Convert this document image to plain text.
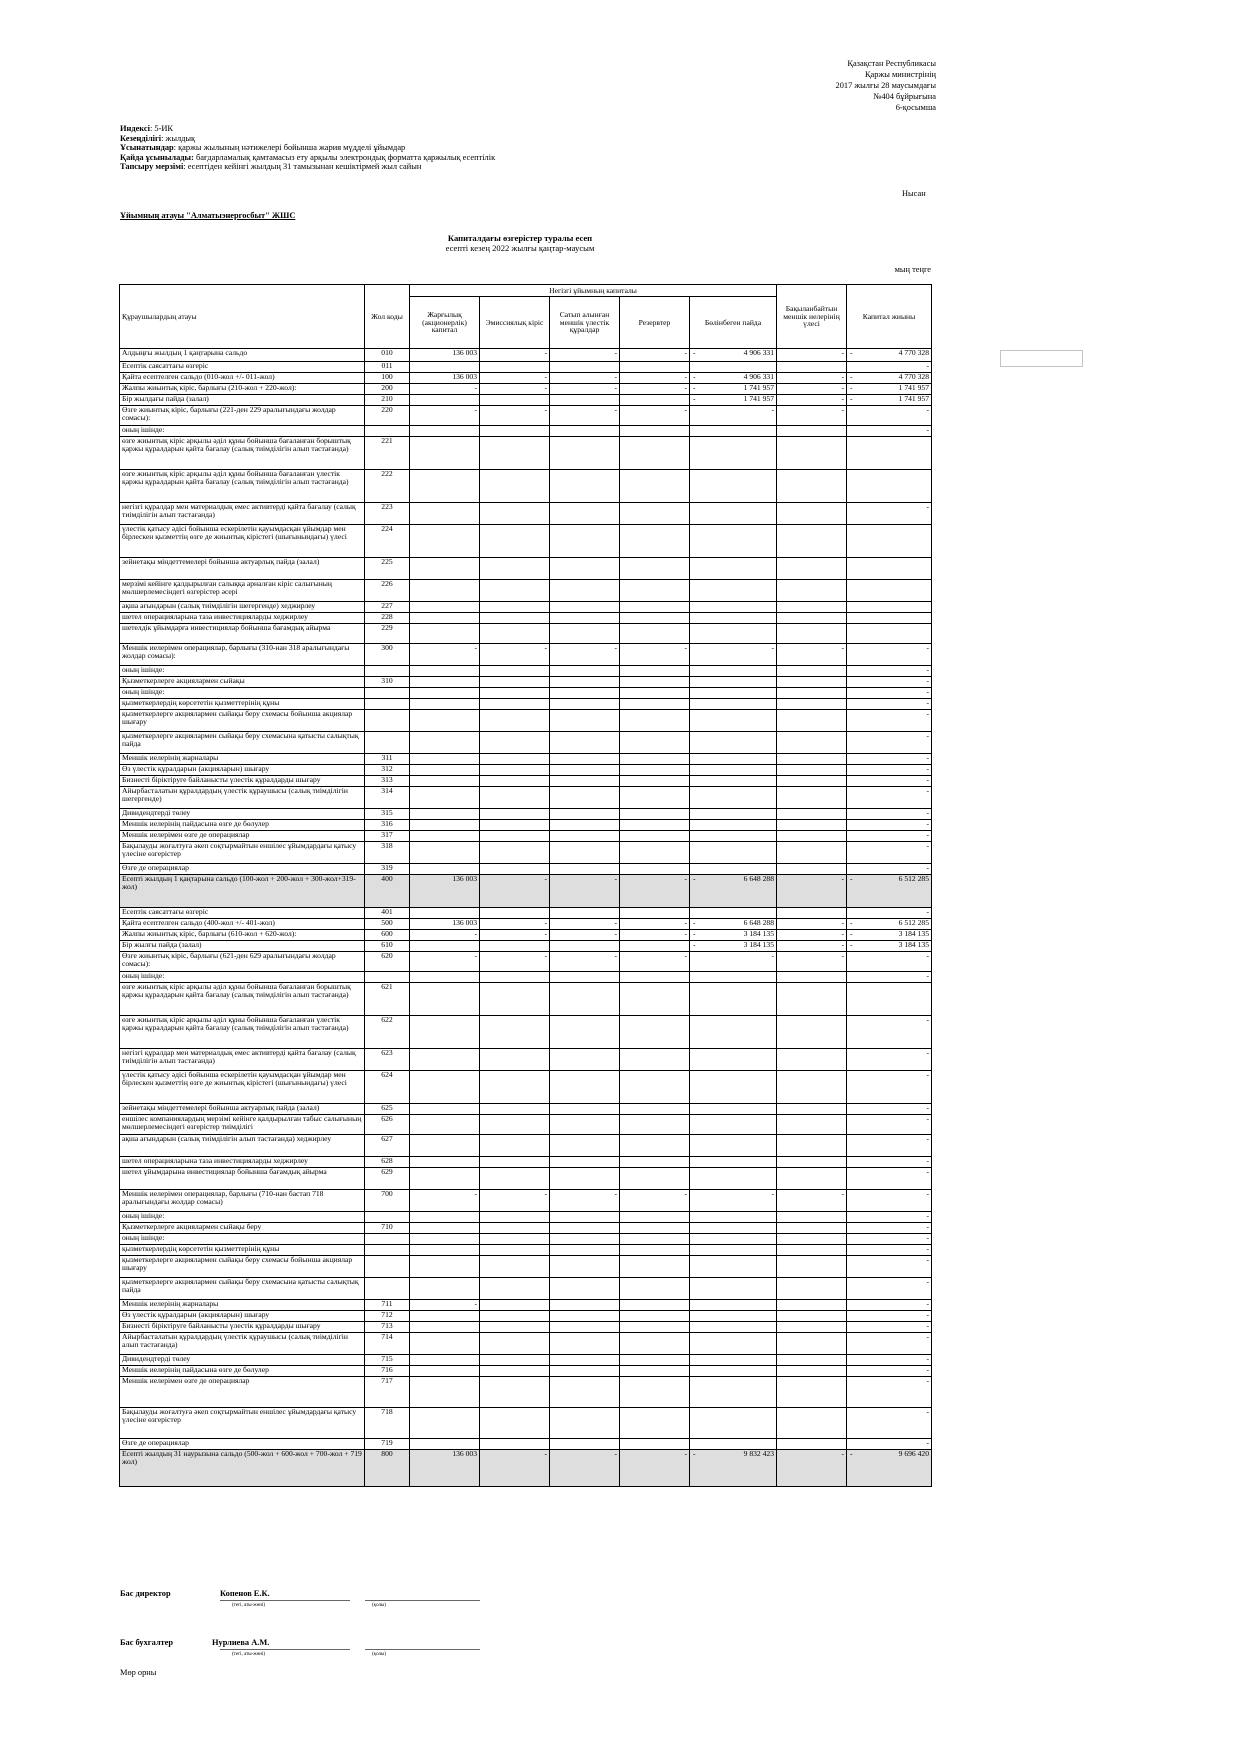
Қазақстан Республикасы
Қаржы министрінің
2017 жылғы 28 маусымдағы
№404 бұйрығына
6-қосымша
Индексі: 5-ИК
Кезеңділігі: жылдық
Ұсынатындар: қаржы жылының нәтижелері бойынша жария мүдделі ұйымдар
Қайда ұсынылады: бағдарламалық қамтамасыз ету арқылы электрондық форматта қаржылық есептілік
Тапсыру мерзімі: есептіден кейінгі жылдың 31 тамызынан кешіктірмей жыл сайын
Нысан
Ұйымның атауы "Алматыэнергосбыт" ЖШС
Капиталдағы өзгерістер туралы есеп
есепті кезең 2022 жылғы қаңтар-маусым
мың теңге
Құраушылардың атауы	Жол коды	Негізгі ұйымның капиталы					Бақыланбайтын меншік иелерінің үлесі	Капитал жиыны
		Жарғылық (акционерлік) капитал	Эмиссиялық кіріс	Сатып алынған меншік үлестік құралдар	Резервтер	Бөлінбеген пайда		
Алдыңғы жылдың 1 қаңтарына сальдо	010	136 003	-	-	-	- 4 906 331	-	- 4 770 328

Есептік саясаттағы өзгеріс	011							-
Қайта есептелген сальдо (010-жол +/- 011-жол)	100	136 003	-	-	-	- 4 906 331	-	- 4 770 328

Жалпы жиынтық кіріс, барлығы (210-жол + 220-жол):	200	-	-	-	-	- 1 741 957	-	- 1 741 957

Бір жылдағы пайда (залал)	210					- 1 741 957	-	- 1 741 957

Өзге жиынтық кіріс, барлығы (221-ден 229 аралығындағы жолдар сомасы):	220	-	-	-	-	-	-	-
оның ішінде:								-
өзге жиынтық кіріс арқылы әділ құны бойынша бағаланған борыштық қаржы құралдарын қайта бағалау (салық тиімділігін алып тастағанда)	221							
өзге жиынтық кіріс арқылы әділ құны бойынша бағаланған үлестік қаржы құралдарын қайта бағалау (салық тиімділігін алып тастағанда)	222							
негізгі құралдар мен материалдық емес активтерді қайта бағалау (салық тиімділігін алып тастағанда)	223							-
үлестік қатысу әдісі бойынша ескерілетін қауымдасқан ұйымдар мен бірлескен қызметтің өзге де жиынтық кірістегі (шығынындағы) үлесі	224							
зейнетақы міндеттемелері бойынша актуарлық пайда (залал)	225							
мерзімі кейінге қалдырылған салыққа арналған кіріс салығының мөлшерлемесіндегі өзгерістер әсері	226							
ақша ағындарын (салық тиімділігін шегергенде) хеджирлеу	227							
шетел операцияларына таза инвестицияларды хеджирлеу	228							
шетелдік ұйымдарға инвестициялар бойынша бағамдық айырма	229							
Меншік иелерімен операциялар, барлығы (310-нан 318 аралығындағы жолдар сомасы):	300	-	-	-	-	-	-	-
оның ішінде:								-
Қызметкерлерге акциялармен сыйақы	310							-
оның ішінде:								-
қызметкерлердің көрсететін қызметтерінің құны								-
қызметкерлерге акциялармен сыйақы беру схемасы бойынша акциялар шығару								-
қызметкерлерге акциялармен сыйақы беру схемасына қатысты салықтық пайда								-
Меншік иелерінің жарналары	311							-
Өз үлестік құралдарын (акцияларын) шығару	312							-
Бизнесті біріктіруге байланысты үлестік құралдарды шығару	313							-
Айырбасталатын құралдардың үлестік құраушысы (салық тиімділігін шегергенде)	314							-
Дивидендтерді төлеу	315							-
Меншік иелерінің пайдасына өзге де бөлулер	316							-
Меншік иелерімен өзге де операциялар	317							-
Бақылауды жоғалтуға әкеп соқтырмайтын еншілес ұйымдардағы қатысу үлесіне өзгерістер	318							-
Өзге де операциялар	319							-
Есепті жылдың 1 қаңтарына сальдо (100-жол + 200-жол + 300-жол+319-жол)	400	136 003	-	-	-	- 6 648 288	-	- 6 512 285

Есептік саясаттағы өзгеріс	401							-
Қайта есептелген сальдо (400-жол +/- 401-жол)	500	136 003	-	-	-	- 6 648 288	-	- 6 512 285

Жалпы жиынтық кіріс, барлығы (610-жол + 620-жол):	600	-	-	-	-	- 3 184 135	-	- 3 184 135

Бір жылғы пайда (залал)	610					- 3 184 135	-	- 3 184 135

Өзге жиынтық кіріс, барлығы (621-ден 629 аралығындағы жолдар сомасы):	620	-	-	-	-	-	-	-
оның ішінде:								-
өзге жиынтық кіріс арқылы әділ құны бойынша бағаланған борыштық қаржы құралдарын қайта бағалау (салық тиімділігін алып тастағанда)	621							
өзге жиынтық кіріс арқылы әділ құны бойынша бағаланған үлестік қаржы құралдарын қайта бағалау (салық тиімділігін алып тастағанда)	622							-
негізгі құралдар мен материалдық емес активтерді қайта бағалау (салық тиімділігін алып тастағанда)	623							-
үлестік қатысу әдісі бойынша ескерілетін қауымдасқан ұйымдар мен бірлескен қызметтің өзге де жиынтық кірістегі (шығынындағы) үлесі	624							-
зейнетақы міндеттемелері бойынша актуарлық пайда (залал)	625							-
еншілес компаниялардың мерзімі кейінге қалдырылған табыс салығының мөлшерлемесіндегі өзгерістер тиімділігі	626							-
ақша ағындарын (салық тиімділігін алып тастағанда) хеджирлеу	627							-
шетел операцияларына таза инвестицияларды хеджирлеу	628							-
шетел ұйымдарына инвестициялар бойынша бағамдық айырма	629							-
Меншік иелерімен операциялар, барлығы (710-нан бастап 718 аралығындағы жолдар сомасы)	700	-	-	-	-	-	-	-
оның ішінде:								-
Қызметкерлерге акциялармен сыйақы беру	710							-
оның ішінде:								-
қызметкерлердің көрсететін қызметтерінің құны								-
қызметкерлерге акциялармен сыйақы беру схемасы бойынша акциялар шығару								-
қызметкерлерге акциялармен сыйақы беру схемасына қатысты салықтық пайда								-
Меншік иелерінің жарналары	711	-						-
Өз үлестік құралдарын (акцияларын) шығару	712							-
Бизнесті біріктіруге байланысты үлестік құралдарды шығару	713							-
Айырбасталатын құралдардың үлестік құраушысы (салық тиімділігін алып тастағанда)	714							-
Дивидендтерді төлеу	715							-
Меншік иелерінің пайдасына өзге де бөлулер	716							-
Меншік иелерімен өзге де операциялар	717							-
Бақылауды жоғалтуға әкеп соқтырмайтын еншілес ұйымдардағы қатысу үлесіне өзгерістер	718							-
Өзге де операциялар	719							-
Есепті жылдың 31 наурызына сальдо (500-жол + 600-жол + 700-жол + 719 жол)	800	136 003	-	-	-	- 9 832 423	-	- 9 696 420
Бас директор	Копенов Е.К.
(тегі, аты-жөні)	(қолы)
Бас бухгалтер	Нурлиева А.М.
(тегі, аты-жөні)	(қолы)
Мөр орны
